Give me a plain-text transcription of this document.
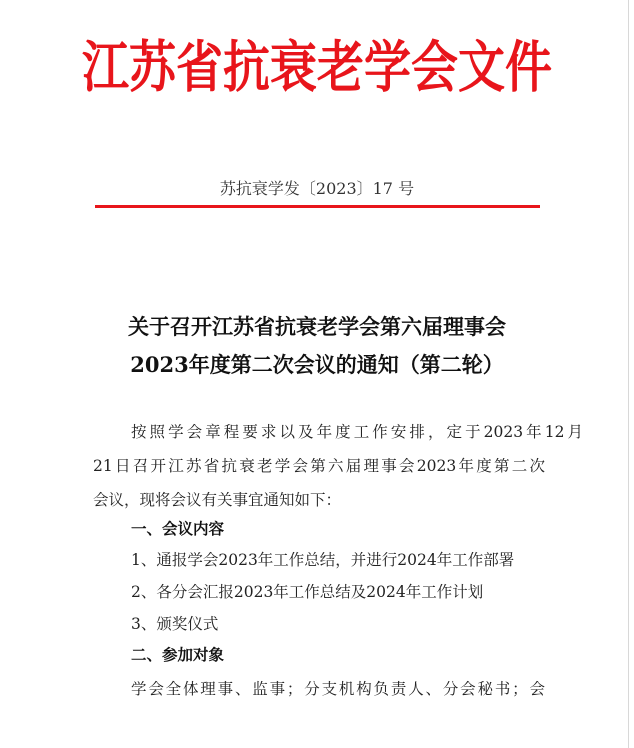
江苏省抗衰老学会文件
苏抗衰学发〔2023〕17 号
关于召开江苏省抗衰老学会第六届理事会
2023年度第二次会议的通知（第二轮）
按照学会章程要求以及年度工作安排，定于2023年12月
21日召开江苏省抗衰老学会第六届理事会2023年度第二次
会议，现将会议有关事宜通知如下：
一、会议内容
1、通报学会2023年工作总结，并进行2024年工作部署
2、各分会汇报2023年工作总结及2024年工作计划
3、颁奖仪式
二、参加对象
学会全体理事、监事；分支机构负责人、分会秘书；会
